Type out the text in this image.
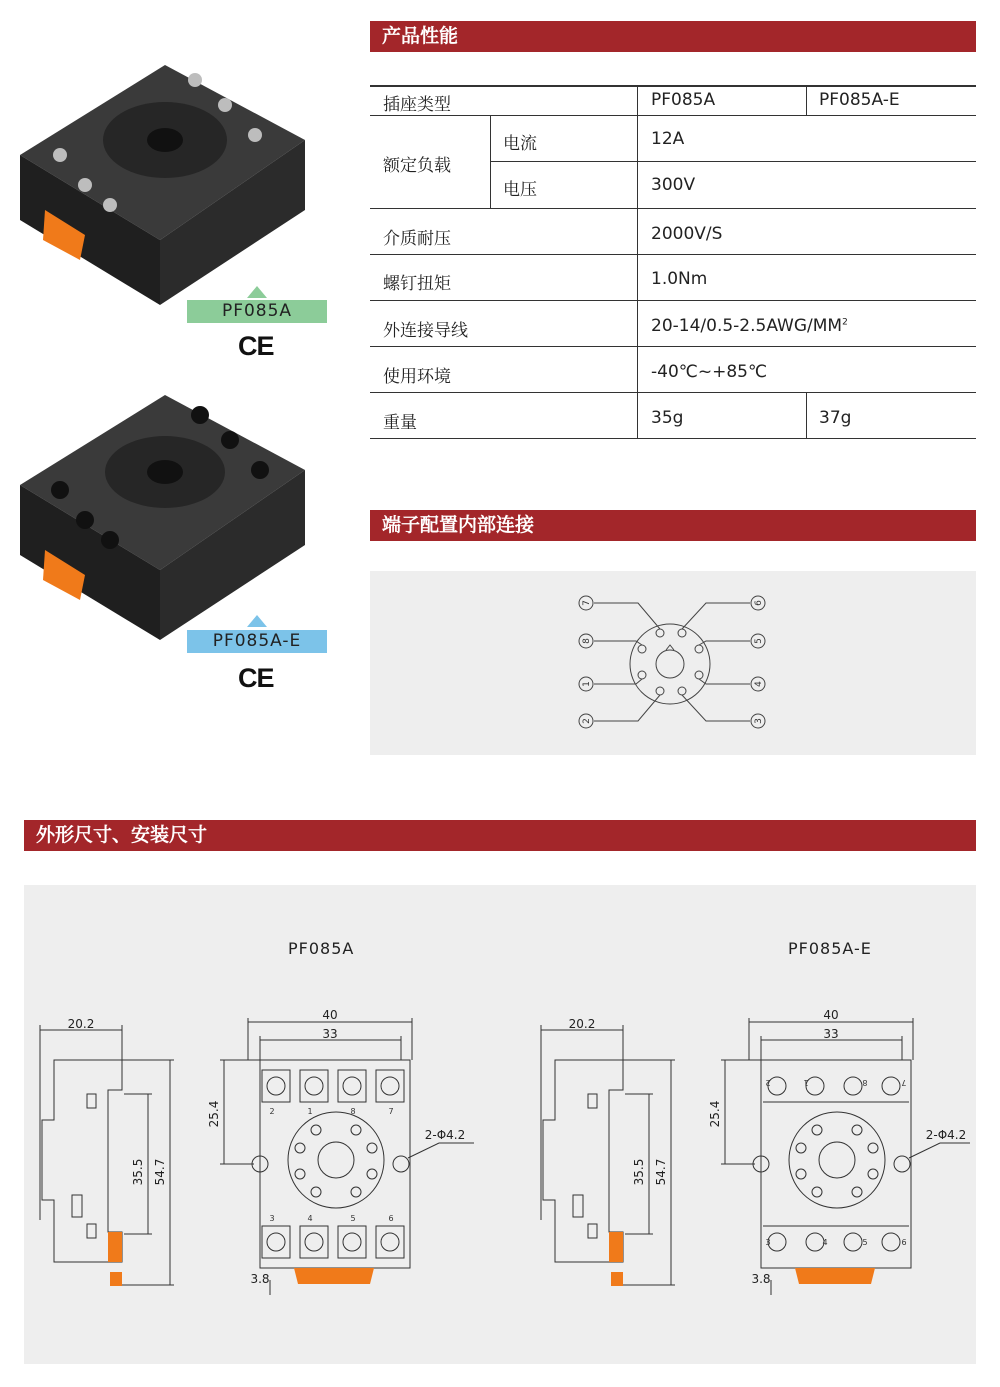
PF085A
CE
PF085A-E
CE
产品性能
插座类型	PF085A	PF085A-E
额定负载
电流	12A
电压	300V
介质耐压	2000V/S
螺钉扭矩	1.0Nm
外连接导线	$20-14/0.5-2.5AWG/MM^2$
使用环境	-40℃~+85℃
重量	35g	37g
端子配置内部连接
7
8
1
2
6
5
4
3
外形尺寸、安装尺寸
PF085A	PF085A-E
20.2
35.5 54.7
40
33
25.4
2-Φ4.2
3.8
2	1	8	7
3	4	5	6
20.2
35.5 54.7
40
33
25.4
2-Φ4.2
3.8
2	1	8	7
3	4	5	6
